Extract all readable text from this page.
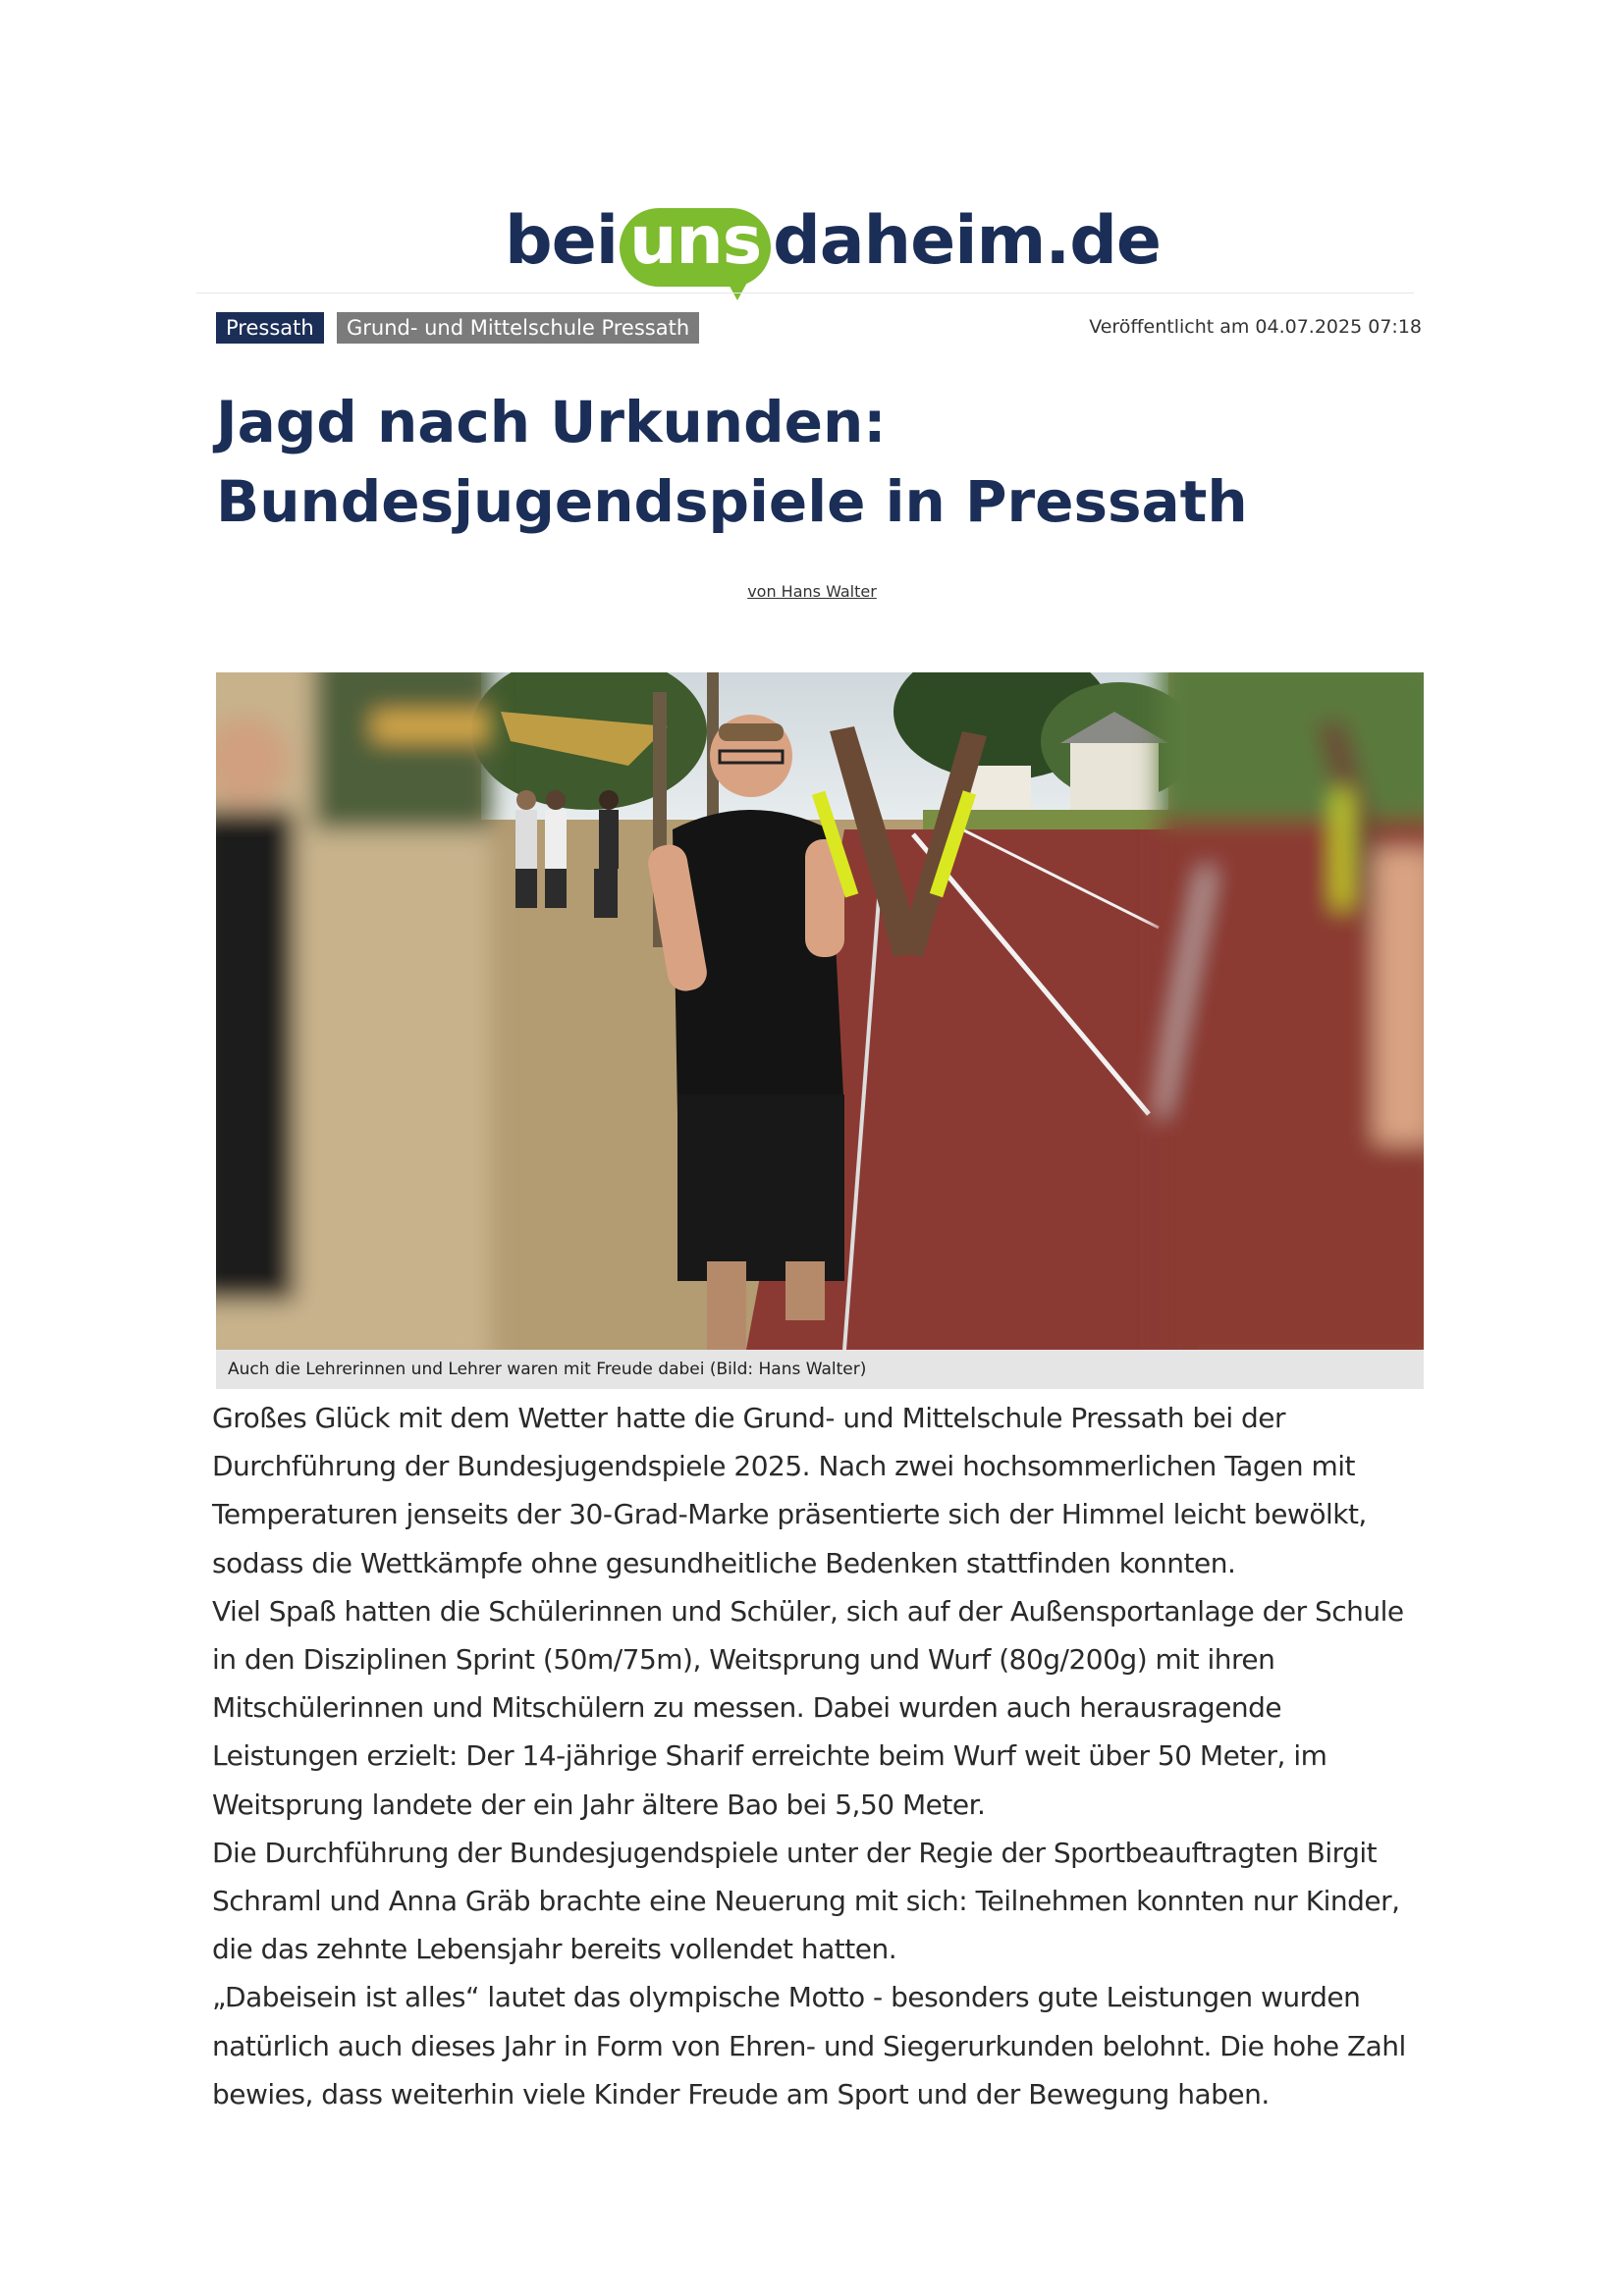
bei uns daheim.de
Pressath	Grund- und Mittelschule Pressath	Veröffentlicht am 04.07.2025 07:18
Jagd nach Urkunden: Bundesjugendspiele in Pressath
von Hans Walter
Auch die Lehrerinnen und Lehrer waren mit Freude dabei (Bild: Hans Walter)

Großes Glück mit dem Wetter hatte die Grund- und Mittelschule Pressath bei der Durchführung der Bundesjugendspiele 2025. Nach zwei hochsommerlichen Tagen mit Temperaturen jenseits der 30-Grad-Marke präsentierte sich der Himmel leicht bewölkt, sodass die Wettkämpfe ohne gesundheitliche Bedenken stattfinden konnten.

Viel Spaß hatten die Schülerinnen und Schüler, sich auf der Außensportanlage der Schule in den Disziplinen Sprint (50m/75m), Weitsprung und Wurf (80g/200g) mit ihren Mitschülerinnen und Mitschülern zu messen. Dabei wurden auch herausragende Leistungen erzielt: Der 14-jährige Sharif erreichte beim Wurf weit über 50 Meter, im Weitsprung landete der ein Jahr ältere Bao bei 5,50 Meter.

Die Durchführung der Bundesjugendspiele unter der Regie der Sportbeauftragten Birgit Schraml und Anna Gräb brachte eine Neuerung mit sich: Teilnehmen konnten nur Kinder, die das zehnte Lebensjahr bereits vollendet hatten.

„Dabeisein ist alles“ lautet das olympische Motto - besonders gute Leistungen wurden natürlich auch dieses Jahr in Form von Ehren- und Siegerurkunden belohnt. Die hohe Zahl bewies, dass weiterhin viele Kinder Freude am Sport und der Bewegung haben.
